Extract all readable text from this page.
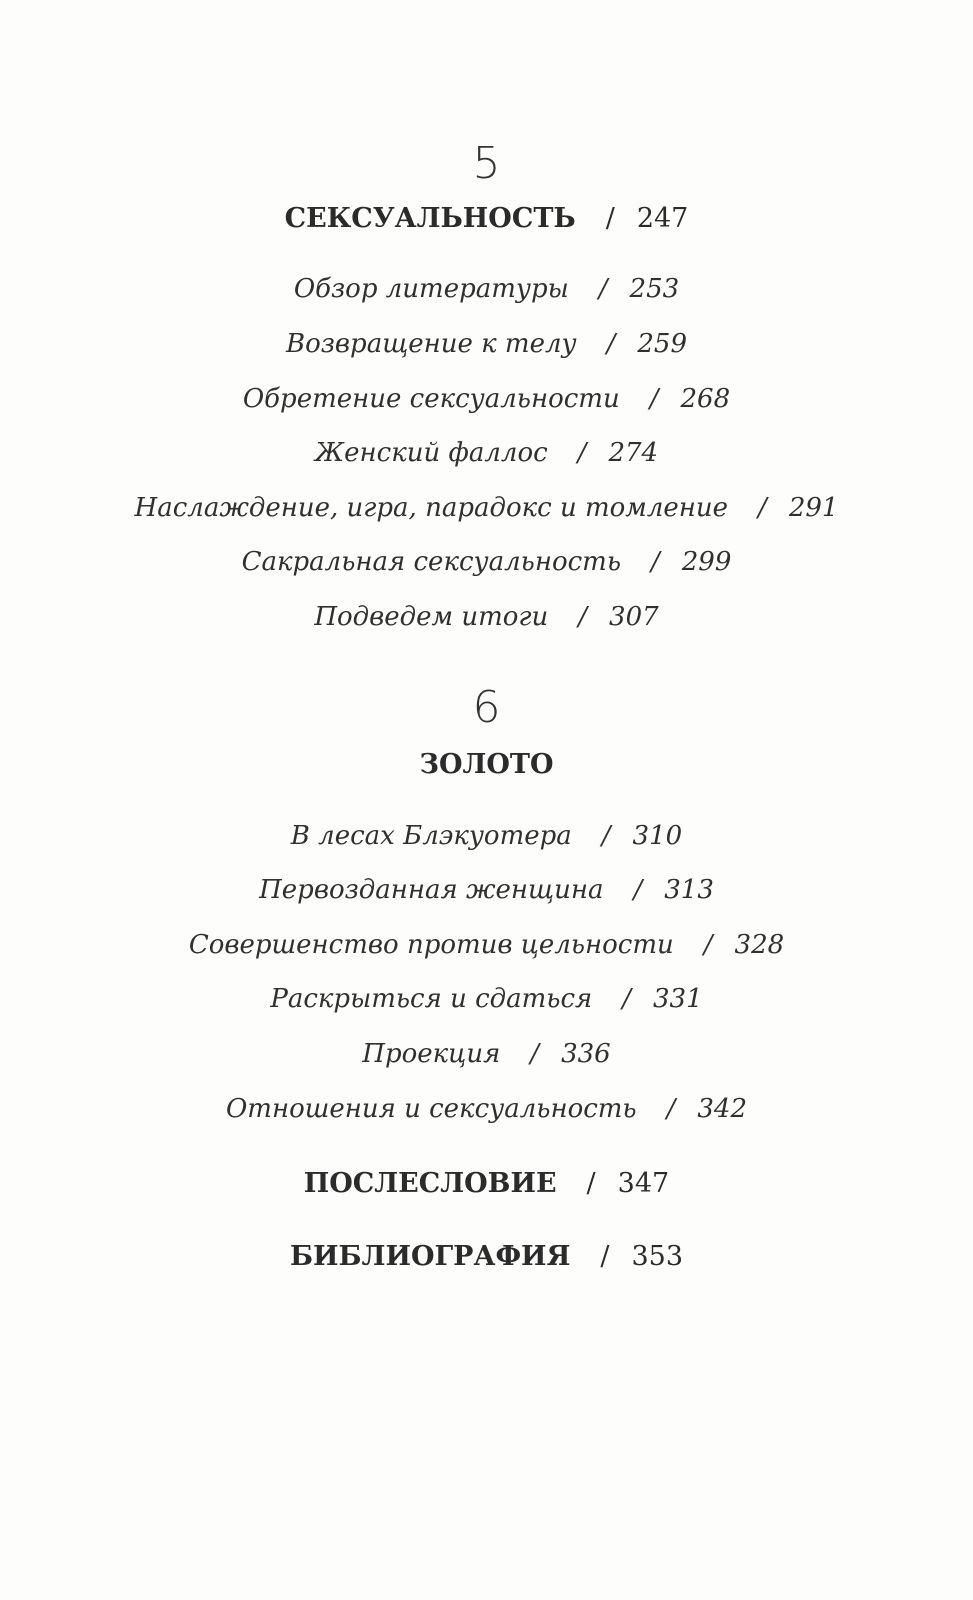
5
СЕКСУАЛЬНОСТЬ / 247
Обзор литературы / 253
Возвращение к телу / 259
Обретение сексуальности / 268
Женский фаллос / 274
Наслаждение, игра, парадокс и томление / 291
Сакральная сексуальность / 299
Подведем итоги / 307
6
ЗОЛОТО
В лесах Блэкуотера / 310
Первозданная женщина / 313
Совершенство против цельности / 328
Раскрыться и сдаться / 331
Проекция / 336
Отношения и сексуальность / 342
ПОСЛЕСЛОВИЕ / 347
БИБЛИОГРАФИЯ / 353
